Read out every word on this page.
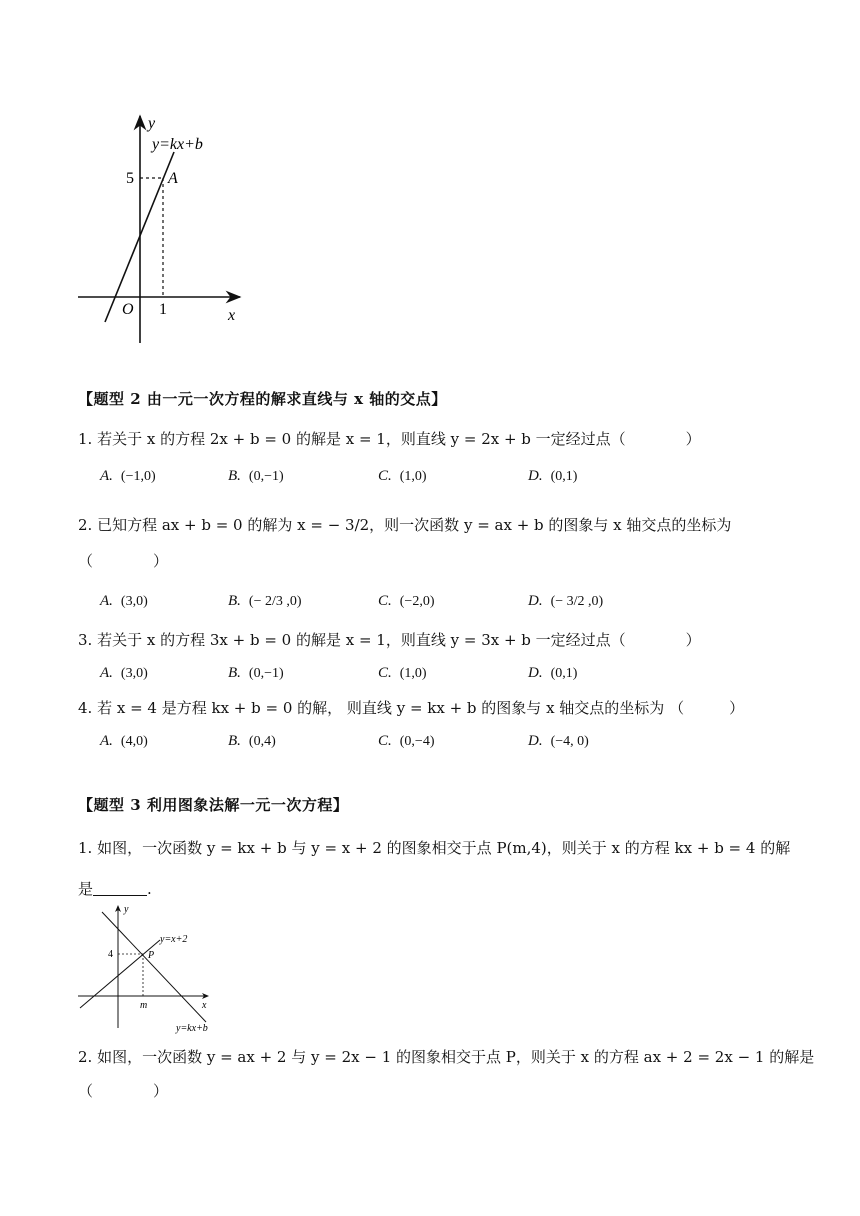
y
y=kx+b
5 A
O 1	x
【题型 2 由一元一次方程的解求直线与 x 轴的交点】
1. 若关于 x 的方程 2x + b = 0 的解是 x = 1，则直线 y = 2x + b 一定经过点（　　　　）
A. (−1,0)	B. (0,−1)	C. (1,0)	D. (0,1)
2. 已知方程 ax + b = 0 的解为 x = − 3/2，则一次函数 y = ax + b 的图象与 x 轴交点的坐标为
（　　　　）
A. (3,0)	B. (− 2/3 ,0)	C. (−2,0)	D. (− 3/2 ,0)
3. 若关于 x 的方程 3x + b = 0 的解是 x = 1，则直线 y = 3x + b 一定经过点（　　　　）
A. (3,0)	B. (0,−1)	C. (1,0)	D. (0,1)
4. 若 x = 4 是方程 kx + b = 0 的解， 则直线 y = kx + b 的图象与 x 轴交点的坐标为 （　　　）
A. (4,0)	B. (0,4)	C. (0,−4)	D. (−4, 0)
【题型 3 利用图象法解一元一次方程】
1. 如图，一次函数 y = kx + b 与 y = x + 2 的图象相交于点 P(m,4)，则关于 x 的方程 kx + b = 4 的解
是	.
y
y=x+2
4	P
m	x
y=kx+b
2. 如图，一次函数 y = ax + 2 与 y = 2x − 1 的图象相交于点 P，则关于 x 的方程 ax + 2 = 2x − 1 的解是
（　　　　）
